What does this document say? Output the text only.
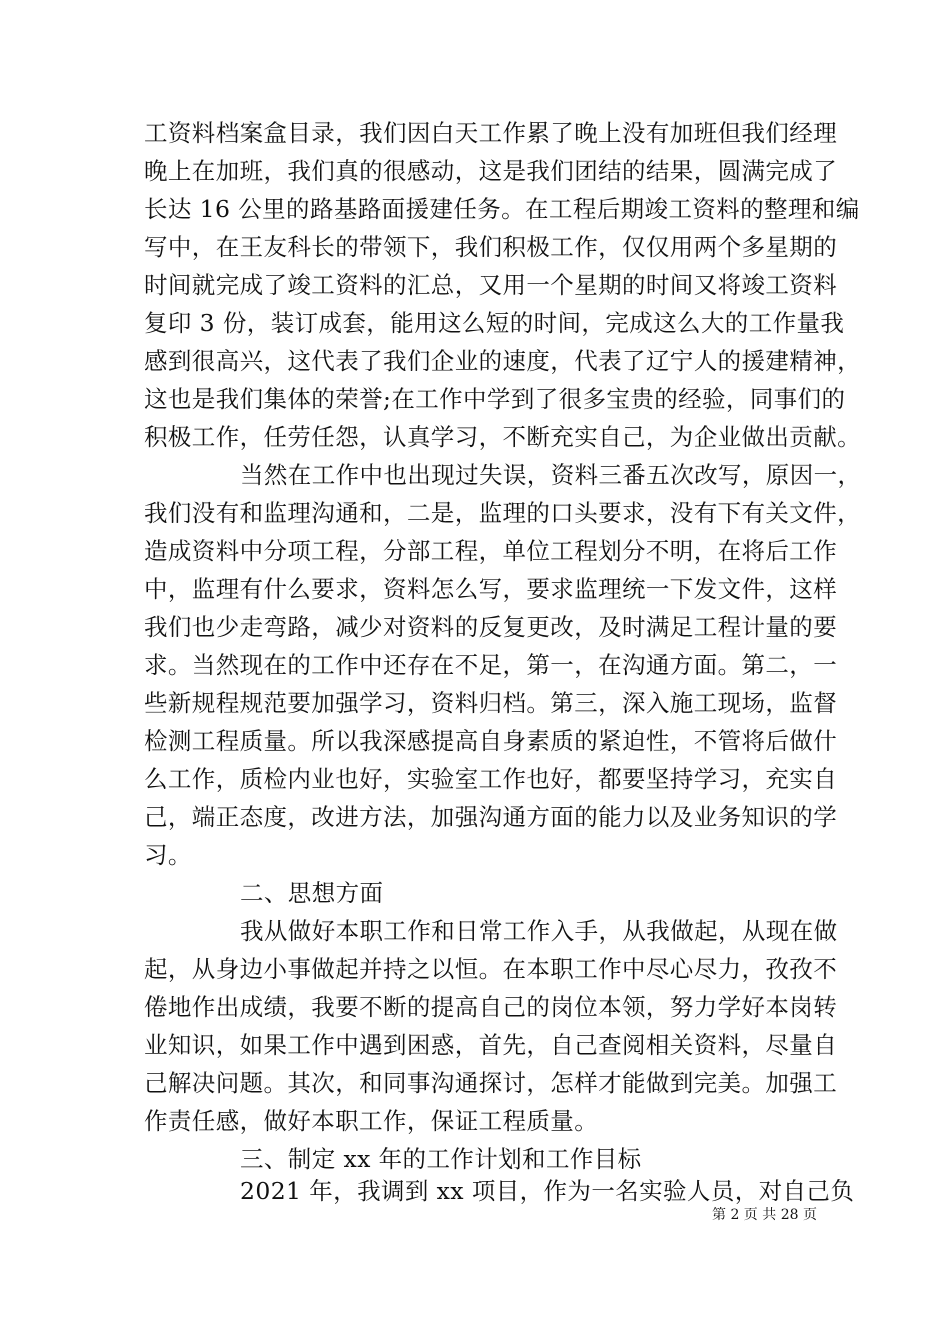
工资料档案盒目录，我们因白天工作累了晚上没有加班但我们经理
晚上在加班，我们真的很感动，这是我们团结的结果，圆满完成了
长达 16 公里的路基路面援建任务。在工程后期竣工资料的整理和编
写中，在王友科长的带领下，我们积极工作，仅仅用两个多星期的
时间就完成了竣工资料的汇总，又用一个星期的时间又将竣工资料
复印 3 份，装订成套，能用这么短的时间，完成这么大的工作量我
感到很高兴，这代表了我们企业的速度，代表了辽宁人的援建精神，
这也是我们集体的荣誉;在工作中学到了很多宝贵的经验，同事们的
积极工作，任劳任怨，认真学习，不断充实自己，为企业做出贡献。
当然在工作中也出现过失误，资料三番五次改写，原因一，
我们没有和监理沟通和，二是，监理的口头要求，没有下有关文件，
造成资料中分项工程，分部工程，单位工程划分不明，在将后工作
中，监理有什么要求，资料怎么写，要求监理统一下发文件，这样
我们也少走弯路，减少对资料的反复更改，及时满足工程计量的要
求。当然现在的工作中还存在不足，第一，在沟通方面。第二，一
些新规程规范要加强学习，资料归档。第三，深入施工现场，监督
检测工程质量。所以我深感提高自身素质的紧迫性，不管将后做什
么工作，质检内业也好，实验室工作也好，都要坚持学习，充实自
己，端正态度，改进方法，加强沟通方面的能力以及业务知识的学
习。
二、思想方面
我从做好本职工作和日常工作入手，从我做起，从现在做
起，从身边小事做起并持之以恒。在本职工作中尽心尽力，孜孜不
倦地作出成绩，我要不断的提高自己的岗位本领，努力学好本岗转
业知识，如果工作中遇到困惑，首先，自己查阅相关资料，尽量自
己解决问题。其次，和同事沟通探讨，怎样才能做到完美。加强工
作责任感，做好本职工作，保证工程质量。
三、制定 xx 年的工作计划和工作目标
2021 年，我调到 xx 项目，作为一名实验人员，对自己负
第 2 页 共 28 页
